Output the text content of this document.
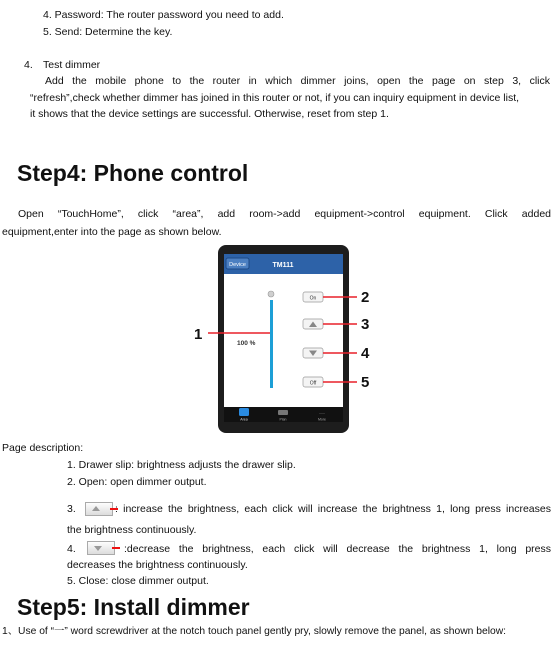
4. Password: The router password you need to add.
5. Send: Determine the key.
4. Test dimmer
Add the mobile phone to the router in which dimmer joins, open the page on step 3, click
“refresh”,check whether dimmer has joined in this router or not, if you can inquiry equipment in device list,
it shows that the device settings are successful. Otherwise, reset from step 1.
Step4: Phone control
Open “TouchHome”, click “area”, add room->add equipment->control equipment. Click added
equipment,enter into the page as shown below.
Device	TM111
100 %
On
Off
Area	Plan
···
More
1
2
3
4
5
Page description:
1. Drawer slip: brightness adjusts the drawer slip.
2. Open: open dimmer output.
3.	: increase the brightness, each click will increase the brightness 1, long press increases
the brightness continuously.
4.	:decrease the brightness, each click will decrease the brightness 1, long press
decreases the brightness continuously.
5. Close: close dimmer output.
Step5: Install dimmer
1、Use of “一” word screwdriver at the notch touch panel gently pry, slowly remove the panel, as shown below:
